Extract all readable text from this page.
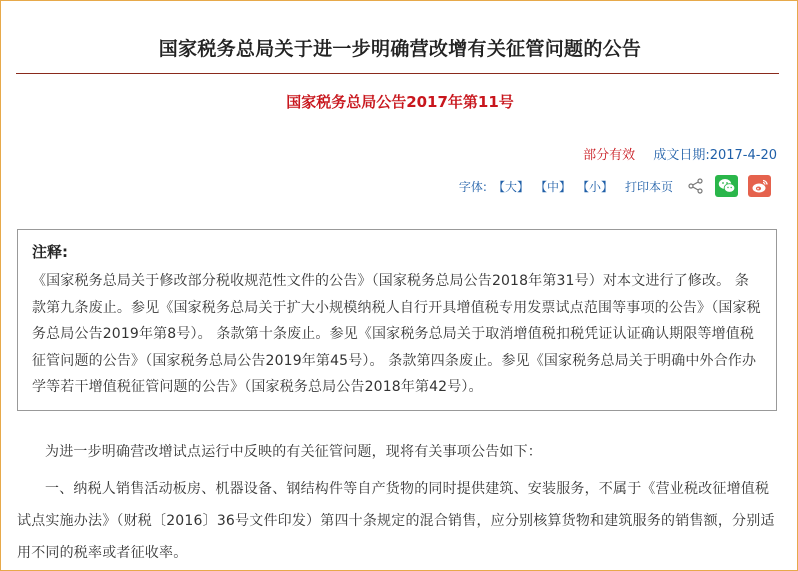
国家税务总局关于进一步明确营改增有关征管问题的公告
国家税务总局公告2017年第11号
部分有效 成文日期:2017-4-20
字体: 【大】 【中】 【小】 打印本页
注释:
《国家税务总局关于修改部分税收规范性文件的公告》（国家税务总局公告2018年第31号）对本文进行了修改。 条款第九条废止。参见《国家税务总局关于扩大小规模纳税人自行开具增值税专用发票试点范围等事项的公告》（国家税务总局公告2019年第8号）。 条款第十条废止。参见《国家税务总局关于取消增值税扣税凭证认证确认期限等增值税征管问题的公告》（国家税务总局公告2019年第45号）。 条款第四条废止。参见《国家税务总局关于明确中外合作办学等若干增值税征管问题的公告》（国家税务总局公告2018年第42号）。
为进一步明确营改增试点运行中反映的有关征管问题，现将有关事项公告如下：
一、纳税人销售活动板房、机器设备、钢结构件等自产货物的同时提供建筑、安装服务，不属于《营业税改征增值税试点实施办法》（财税〔2016〕36号文件印发）第四十条规定的混合销售，应分别核算货物和建筑服务的销售额，分别适用不同的税率或者征收率。
